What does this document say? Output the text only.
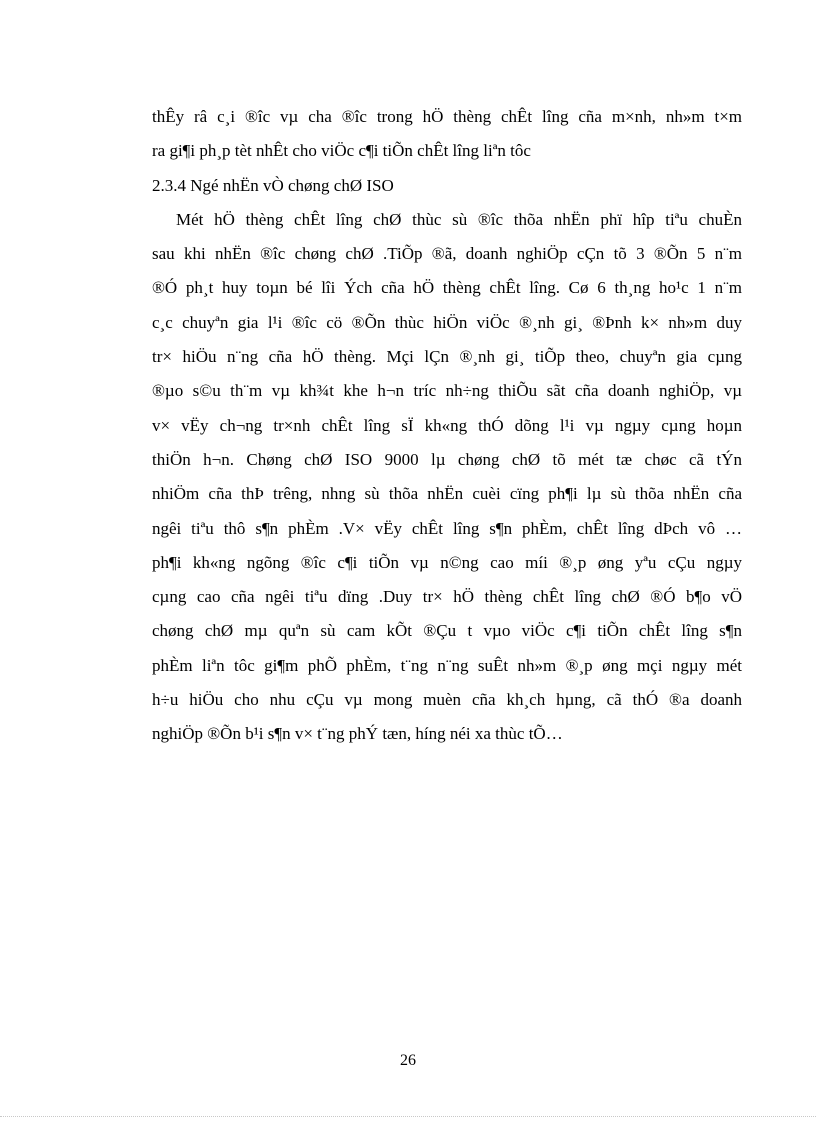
thÊy râ c¸i ®îc vµ cha ®îc trong hÖ thèng chÊt lîng cña m×nh, nh»m t×m
ra gi¶i ph¸p tèt nhÊt cho viÖc c¶i tiÕn chÊt lîng liªn tôc
2.3.4 Ngé nhËn vÒ chøng chØ ISO
Mét hÖ thèng chÊt lîng chØ thùc sù ®îc thõa nhËn phï hîp tiªu chuÈn
sau khi nhËn ®îc chøng chØ .TiÕp ®ã, doanh nghiÖp cÇn tõ 3 ®Õn 5 n¨m
®Ó ph¸t huy toµn bé lîi Ých cña hÖ thèng chÊt lîng. Cø 6 th¸ng ho¹c 1 n¨m
c¸c chuyªn gia l¹i ®îc cö ®Õn thùc hiÖn viÖc ®¸nh gi¸ ®Þnh k× nh»m duy
tr× hiÖu n¨ng cña hÖ thèng. Mçi lÇn ®¸nh gi¸ tiÕp theo, chuyªn gia cµng
®µo s©u th¨m vµ kh¾t khe h¬n tríc nh÷ng thiÕu sãt cña doanh nghiÖp, vµ
v× vËy ch¬ng tr×nh chÊt lîng sÏ kh«ng thÓ dõng l¹i vµ ngµy cµng hoµn
thiÖn h¬n. Chøng chØ ISO 9000 lµ chøng chØ tõ mét tæ chøc cã tÝn
nhiÖm cña thÞ trêng, nhng sù thõa nhËn cuèi cïng ph¶i lµ sù thõa nhËn cña
ngêi tiªu thô s¶n phÈm .V× vËy chÊt lîng s¶n phÈm, chÊt lîng dÞch vô …
ph¶i kh«ng ngõng ®îc c¶i tiÕn vµ n©ng cao míi ®¸p øng yªu cÇu ngµy
cµng cao cña ngêi tiªu dïng .Duy tr× hÖ thèng chÊt lîng chØ ®Ó b¶o vÖ
chøng chØ mµ quªn sù cam kÕt ®Çu t vµo viÖc c¶i tiÕn chÊt lîng s¶n
phÈm liªn tôc gi¶m phÕ phÈm, t¨ng n¨ng suÊt nh»m ®¸p øng mçi ngµy mét
h÷u hiÖu cho nhu cÇu vµ mong muèn cña kh¸ch hµng, cã thÓ ®a doanh
nghiÖp ®Õn b¹i s¶n v× t¨ng phÝ tæn, híng néi xa thùc tÕ…
26
